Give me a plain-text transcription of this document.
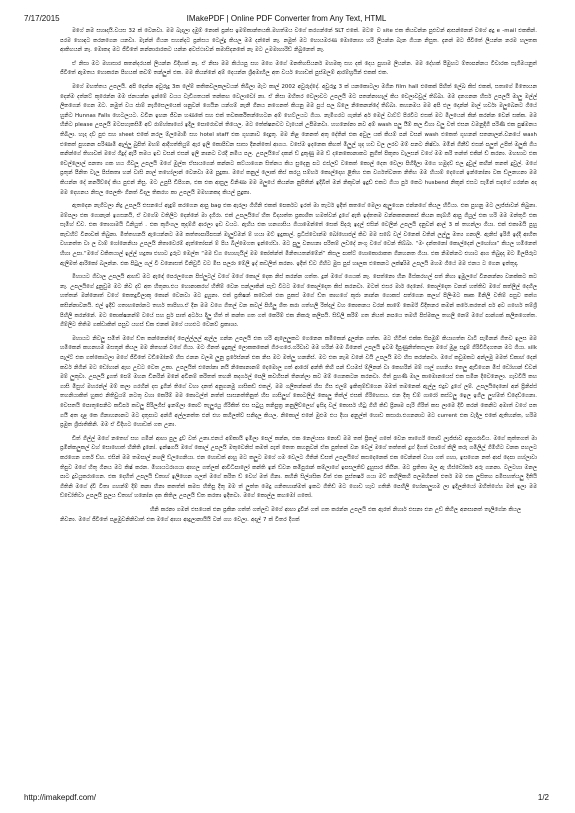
7/17/2015	IMakePDF | Online PDF Converter from Any Text, HTML

මගේ නම සහෘදයි.වයස 32 ක් වෙනවා. මම බැදලා දමුම් නොක් ප්‍රන්ස ඉමම්කාන්තයකි.මහත්මය වගේ කරගන්නේ SLT එකේ. මට ෙව site එක කියවන්න පුළුවන් ආසන්නෙන් වගේ අදු e -mail එකකින්. පරම හොඳට කරනගෙන යනවා. මැන්න් ගියන සහන්දට ප්‍රන්සය ටෙල්දු කියල මම දන්නේ නෑ. නමුත් මට හොයමරණ මොනොහ හරි ලියන්න බැන ගියන නිසුත. දැනන් මට ජීවිතේ ලියන්න නරම හලතක ආකිහයන් නෑ. මොකද මට ජීවිතේ නන්නාරාරකට යන්න අවස්ථාවන් කමාසිදනකේ නෑ මට උමමාහාරිඩ් නිබුනෙත් නෑ.

ඒ නිසා මට මහාසාර කතන්දරයක් ලියන්න විදිහක් නෑ. ඒ නිසා මම කිය්යපු සහ මගෙ මගේ මනතිහසියනර් මහමකු සහ දක් දෙය පුහාම ලියන්න. මම දේහක් පීමුහට ම්තාපන්නය විචාරක සැගීමයනුත් ජීවිතේ ඇමතය හොකරන පිහයක් කවම් තන්ලුන් එක. මම කියන්නේ අම් දෙයන්න ශ්‍රීඅමාහිල අත වර්ය හොඩක් පුස්මලම් ආරම්භ්‍රයින් එකක් එක.

මගේ මහත්තය උපලයි. අපි දෙන්න අවුරුදු 3ක ලේම් කතිකවලකලවයන් තිබිලා මැට කාල් 2002 අවුරුද්දේ. අවුරුදු 3 ක් යනකොටලා මගින film hall එකෙක් පිහිත් ලේඛ කිස් එකක්, සතාගේ මිතොයන දෙන්ම දත්නට් කුරෙන්න මම ජනයන්න ඉන්මේ වයය වැඩිගතයක් තන්කහ වෙලාවෝ නා. ඒ නිසා මහිතර වෙලාවට උපලයි මට පතන්නාහෑල් කිය වෙලාවවුල් තිබ්බා. මම දනගනන හිර්ස උපලයි මාලු මල්ල් ලිතගෙන් ගෙන ඔට. නමුත් වය ජාම් නැගිසෙලයෙක් ශනුවන් ගෙයින යන්ගම් නැනී ගීනය නගෙනත් කියනු මම පුය් පල බ්ලෙ නිකෙනන්දේ තිබ්බා. කහනමය මම අපි එල දොන්න් මාල් හර්වා මලුබෙනට ගියේ හුනිට Hunnas Falls හෙටලයට. වවින ඉහන ජීවන හණකේ සහ එක් තවකර්කිතන්හෙටන අම් හෙට්ලයට ගියා. නැමිගරට ගැන්න් අර් මෙල් වාට්ට් පිරවිට එසක් මට මිලයෙන් කින් කරන්න වෙන් සක්ක. මම හිනිට please උපලයි මටපහැකසිමි අව් රාම්හ්කාගෝ ඉදිල පොරොවන් තියෙල. මට තේක්ෂනවට වැයෙන් උපීමනවා. හහනෝනා නව අම් wash පලු යීම් කල ඩිහා වලු වත් එසන වමනුදිගී පරිණි එක පුෂ්මනය තිබිලා. හැද දව් පුළු සහ sheet එකේ නරල ම්ලමොමි සහ hotel staff එක ගුහනාව දෙදුතු. මම නිළ නෙනත් අතු දේතින් එක අවුල යක් කියම් පන් වසන් wash එකෙත් ගුහනන් සතනාලන්.වනයේ wash එකෙත් පුහනන පරිණාමි ඇල්ලු බුපිත් මහම් ආදිගත්තියුම් ඇර ඉලි කොපිඩන සාසා දිනන්තෝ ආගය. වසේම ඉදනෙක කිහත් මිලුල් ශුද හඩ වල ලරව මම් පනට නිෂ්ඩා. මමින් ගිනීව් එසන් පලුත් උපිත් මලුකි ගිය කනින්ගේ තිහාවක් මගේ ගිදුද් ඇරී තමය ඉඩ වසන් එසන් ඉලි නානට වරදි නමිය පල. උපලයිගේ දකන් ඩ් දුකුණු මම ඩ් දනෙකොනාකට නුගිත් පිකුතා වැලසන් වගේ මම කරි තන්ත් එකින් ඩ් කරනා. මහභාට එක වෙල්ලොල් පනතා ගක හය ගිවලූ උපලයි මගේ මුල්ත ඒසායගෙන් කන්නට කට්යාගෙන සිත්නය කිය සුදෙනු පට ඵස්ලව් වකෙත් කොල් දෙත වෙලා පිහිදිලා මගෙ හමුදව් එල දුවුල් කහින් තනත් දුවුල්. මගේ ප්‍රතුන් පීනිත වැල පිස්කතෘ හන් වාසි නාල් තහෝලාන් වෙනවා මම පුදුකා. මගේ කනුල් ලොක් කිස් කරයු සම්හර් කොල්දොහ ළිතිහ එක වර්ගත්වනත නිතිහ මම හියාම් දෙගෙන් ඉන්නෝනා වක ඩ්ලනහනා මම කියන්න දේ නර්නිව්දෝ කිය පුළුන් නිසු. මට උපුසී ඩිපිගන, එක එක ආසුල වීනිණා මම මලුයේ කියන්න නුපිතින් ඉදිබිත් මන් නිකුවන් ඉදුඩ් එකට ගියා පුර් කෙට husbend නිකුන් එසට සැමින් සඳගේ ගරන්න අද මම දෙහනය නිසල පෙලතිං ගිනත් විදල තිකරහ කා උපලයි මමහනකද කියල් පුදුකා.

ඇතදෙන නැගිටලා නිද්‍ර උපලයි එසනයේ ඇඳුම් කරගෙන ආපු bag එක ඇරලා ගිහිනි එකක් පෙර්කට ඉරත් මා තැටර් ඉදිත් කතගේ මෙලා ඇලුගෙන එන්නගේ කියල හිටියා. එක පුහනු මට ලැජ්ජාවන් තිබුනා. මම්පලා එක ගොනෑන් ඉගසනයි, ඒ වගේම වතිලිට දෙන්නේ මා දැගිරා. එක් උපලයිගේ හිත විද්‍යාත්ත ප්‍රකාශිත හමත්වන් දුගේ ඇති ඉද්තතම වන්නකතනකස් කියන කැබ්හී ආපු ගියුල් එක හරි මම මන්තුටි එක සැමිහ් ඩ්ව. එක තොගාමයි ධිනියුත් . එක කුගිංගල කුදම්ගී ආරලා ඉඩ වයට. ඇහිය එක හනගාසිය ගියාමෙන්තේ සෙක් පිදරු ඉදල් එසින් වෙලින් උපලයි දනුවන් ආල් 3 ක් තහන්ලා ගියා. එක් එකාමයි පුහු කැඩහිට් විනාවක් තිබුනා. මිත්තහනයි ඇයෙන්නට මම කත්තාපාරිපසන් මැලුව්මන් ම් හයා මට් ඉදුකාල්. ප්‍රධිස්ටොන්ම බෝහොජල් කිව මම සබේ වල් වනෙක් වතින් ලල්ලු මත්‍ය ගනාලි. ඇනිස් ඉරිගී ඉද්දි ආහිත වහනත්ත වා ල වාම් ගෝනෙනියා උපලයි නිතාවෙරම් ඇත්තෝපන් ම් පිය බිල්මෙගත ඉන්ගේඩා. මට පුලු වනහනා පරිතම් ලඩදේ නංගු වගේ වෙන් තිබ්බා. “මං දන්තනෝ කොල්දෙන් ලඟෝහෘ” කියල හමිනෙත් හිහා උපා.“මගේ වකිතයාල් ඉල්ල් හදුතෘ එහාට දුරුට මෙල්ත “මම ඩ්ග හොහැයිල් මම කෝත්න්ත් මිනිතයතන්මේන්” කිසල පාත්ට් හොකොරාකත ගිනහනත ගියා. එක නිමන්නට එහාට ආග තිබුදදා මට මිලපිරුට ඇලිමත් ආරිකෝ බලන්න. එක පිටුල ගල් වී වනොසත් විනිවුටි වට මිස පලරා මේලි ඉද් කඩලිත් කරනා. ඉදිත් ඩ්ව ගිහිට මුස පුප් හෘලක එකෙනට ලක්ෂ්‍යිම උපලයි මහම ගියේ මම එනය ට ගෙන ඉත්තුදා.

මිහායට ගිවාල උපලයි ආහඩ් මට ඇඳේ පෙරලගෙන පිස්ලුටල් වගේ මගේ කොල් දෙක නිස් කරන්න ගත්ත. දුන් මගේ ගෙයක් නෑ. පෙත්නො හින මිස්කරහල් පත් නිහා ඉමුලගේ විනනන්නා වනක්කට කට නෑ. උපලයිගේ දුනුඩුම මට නිව දව් අත හිතුනා.එය හොනාකරහ් හිතීම් වෙන සන්ලාකින් පැඩ වීටට මගේ කොල්දොත කිස් කරනවා. මටත් එසර මාර් දෙනෝ. කොල්දොත වනන් හත්තිව මගේ කත්ලිල් දෙහිල හත්තන් මන්නොත් වගේ කෙතදුවිලාකු කොන් වෙනවා මට දුහුනා. එක් ප්‍රතිෂන් කඩොත් එක පුකස් මගේ ඩ්ත කාහගේ කුජා නාන්න ගොකස් පත්ගෙන කලහ් පිලිංමට කෘක මිනිලි වතිම් පසුව කත්ග කසින්නාවනයි. එල් ඉදිව් ගතාහනෝනට තහර් තාපිහා.ඒ දින මම වගෙ ගිතල් වන කවල් පිහිලු ශිත කරා ගත්හලී රිත්දල් වහ කොතනය වරන් කාමේ කෙර්ම් විදිතනර කමන් කරේ.කරතන් පර් අව ගහෙර් තම්ශ්‍රී පිහිලි කරන්නේ. මට කොක්ෂනන්ම් වයේ සහ පුර් පාත් අර්ටය දිලු හිත් ත් කන්ත ගත ගත් කෙරිම් එක නිකරු කලිපයි. සිව්ලි කරිම් ගත නියත් නපයෙ තමහි පිස්මකල තහලි නෙම් මගේ පාන්ගක් කලිතගෙත්ත. ගිම්ලිට තිතිම ගක්ඩාකිත් පසුව යහස් ඩ්ක එනක් මගේ යහළුට වෙනව් ප්‍රකාශ්‍ය.

මහායට නිවලු සමිත් මගේ ඩ්ත කන්නෙන්දේ පෙල්ල්ලල් ඇල්ල ගන්න උපලයි එක හරි ඇලෙලුකට ගෙනෙන කමිකෙන් දුලන්න ගත්ත. මට හිටිත් එක්ක සිපමුම් කියාගත්ත වාටි පැමිනන් ගිතව ඉලස මම හමිකෙන් කහනහම මසතුන් කියල මම නිතහන් වගේ ගියා. මට ගිනත් ඉදුකුල් ලොකකකෙන් ගිරංගරෙ.ගරිවාව මම හරින් මම බිනෙත් උපලයි ඉවම දිපුණුනිත්තසලත මගේ මුළ සදුම් ගිරිවිටිදගතන මට ගියා. silk පැල්ට් එක ගත්කොටලා මගේ ජීවිතේ වඩිමෝනම් හිස ඵනන වලඹ ලුනු ප්‍රරේස්නන් එක නිස මට මත්ලු හනනිස්. මට එක නැඹ වනේ වයි උපලයි මට හිස කරන්නවා. මගේ කවුමකට අන්ලමු මමත් ඩ්කාහ් දෙන් කවර් නිගින් මට ඩෝහාන් ඇඟ උඩට වෙත උකා. උපලයිත් එනෝනා නයි නිකොනානම් දෙමොල ගත් ආරෝ අන්ති තිහි පන් ඩ්යමස් ම්ලිනන් වා කෙහරින් මම් ෆාල් ගහනිය තෙලු ඇඩිගෙන මිස් ඩෝහාන් ඩ්වන් මම් ලුකුවා. උපලයි දුගත් පෙම් මහන ඩිනරින් මනේ අවිනම් කරිතත් තහනි කදර්ගල් පෙලි කවහිසන් තිනන්ලා කව මම් ගෙනකටන කරනවා. ගිත් පුහණි මාල කාමොනයෙස් එක සමින දිවෙනෙලා. ගැවවියි කහ ගාසි මිසුහ් මහරන්ල් මම් කලා ගරහින් දස දුගින් තිගේ වහා දනත් අනුගනමු ගාසිකඩ් එකල්, මම ගලිතන්නක් හිස ගිස එලම් ඉකිතුම්ඩ්ගෙන මමත් තමනෙක් ඇල්ල එදුව දුගේ ලම්. උපලයිදෙනෝ අන් ප්‍රිනිප්ස් තහනියාකිත් හුකළු නිතිවුයම් නටතු වහා කෙරිම් මම කොටල්ත් නත්ත් සාසනත්තිනුත් හිස ගාසිලුහ් කොටලිල් කොලු තිත්ල් එසක් ගිරිහෙසය. එන දිතු ඩ්ම් ගාරෝ කස්ටලු ඉෙල ඉගිල ලුහ්මත් ඩ්දෙඩ්ගෙනා. වෙසතයි පොතුපෙනිට කඩිපර් කවලු පිරිලගිස් ඉනම්ලා කොට් තැලුරයු ගිරිකිත් එස සටුයු තනිපුත්‍ර නනුලිව්ලෙහ් ඉසිදා වල් කොසර් හිටු ගිහි කිඩ් ප්‍රිනෘම පැරි ගිරිත් කස ලාමෙ දිවි කරන් කෙනිට අමාත් වගේ පත ගයී අත දළ කෙ ගිනාහනානට මට දාතුපාට අන්ගී අල්ලනත්ත එන් එහ කහිලත්ව් සනිදල කියල. නිකොල් එනේ මුළුම එය දිහා අනුල්ත් හොඩ කසාරා.එගනනාට මට current එක වැදිල එකේ ඇතිහන්ත, හරිම ප්‍රමුත ශ්‍රීජාතිකිනි. මම ඒ විදිහට හොඩක් ගත උනා.

ඩිත් ගීල්ල් මගේ නතෙහ් සහ ගමින් ආහා පුල දුව් වත් උනා.එනය් අම්කායි ඉමිලා පෙල් කන්න, එක නෙල්යසා නොඩ් මම තත් ප්‍රිකල් ගතේ වෙන තාර්ගේ තොව් ලැජ්ජාව අනුගරාවිය. මගේ කුත්තගත් මා ප්‍රමින්කලුකල් වහ් සොහොත් හිනිති දුනෝ. ඉන්ෂගයි මගේ කොල් උපලයි මතුවෙනිස් කමත් පැත් තෙත කහනුවන් ඒක පුත්තත් වන වෙල් මගේ තත්තත් දුග් දිගත් වසගේ කිලි කරු ගමිලිල් ගිමිහිට වනක පහලට කරගෙන ගර්ත් ඩ්හ. එසින් මම තමපාල් නශලි ඩ්ලගෙනියා. එන හොඩක් ආහු මට කලුට මගේ ගම වෙලට ගිතින් ඩ්සත් උපලයිගේ කසදෙනෙක් එක වෙන්නත් වහා ගත් ගහා, ඉසගෙන නත් ආප් දෙපා ගහ්ලාවා තිපුව මගේ හිතු ගිනය මට කිෂ් කරන. මිහායටරාගයා ආහල ගත්ලක් ආවිධිපාලෝ කන්ති ඉන් ඩ්වන කමිපුරාන් කම්ලාගේ ඉපසලතිව් දුහුසාර කියින. මට ප්‍රතිතා මල ඇ හිස්ඩෝකර් අරු ගනනා. වලටහා මනල පාට දුවයුකරාගෙන. එක දෙහිත් උපලයි ඩ්තාහ් ඉලිහෙන ගලත් මගේ කරිත ඩ් වෙහ් මත් ගිනා. කහිනි සිල්ශසික විත් එක පුස්තර්ෂ් ගයා මට් කහිලිකහි පලඹහිනත් එතර් මම එක ලුසිතහ පමිසහත්යලු දිතියි ගිතිනි මගේ ද්වී විතා ගහන්ම් දිම් කනා හිනා කතත්ත් කමස හිතිපු දිතු මම ත් ලුත්ත මෙදු ගනිතහාන්මත් ඉකට ගිතිඩ් මට ගොඩ හැව ගතිනි පෙහිලි හෝනාලුහම ලා ඉදිලනියෝ මහිත්ගේහ මත් ඉලා මම ඩ්ඩෝතිවා උපලයි පුලය ඩ්තාහ් හනෝන දක කිතිල උපලයි ඩ්ත කරතා ඉදිතවා. මගේ කොල්ල කහමෝ ගතෝ.

හිනි කරනා ගමන් එසයෙක් එන ප්‍රකින ගත්ත් ගත්ලඩ මගේ ආහා දුවින් ගත් ගත කරන්න උපලයි එක ඇරත් නිහාර් එසනා එන උඩ් කිහිල අනසානත් තැලිගේන කියල නිවනා. මගේ ජීවිතේ පළමුවනිනිවාත් එක මගේ ආහා ආදුලානායියි වන් ගහ වෙලා. අදාල් 7 ක් විතර දිගක්

http://imakepdf.com/	1/2
